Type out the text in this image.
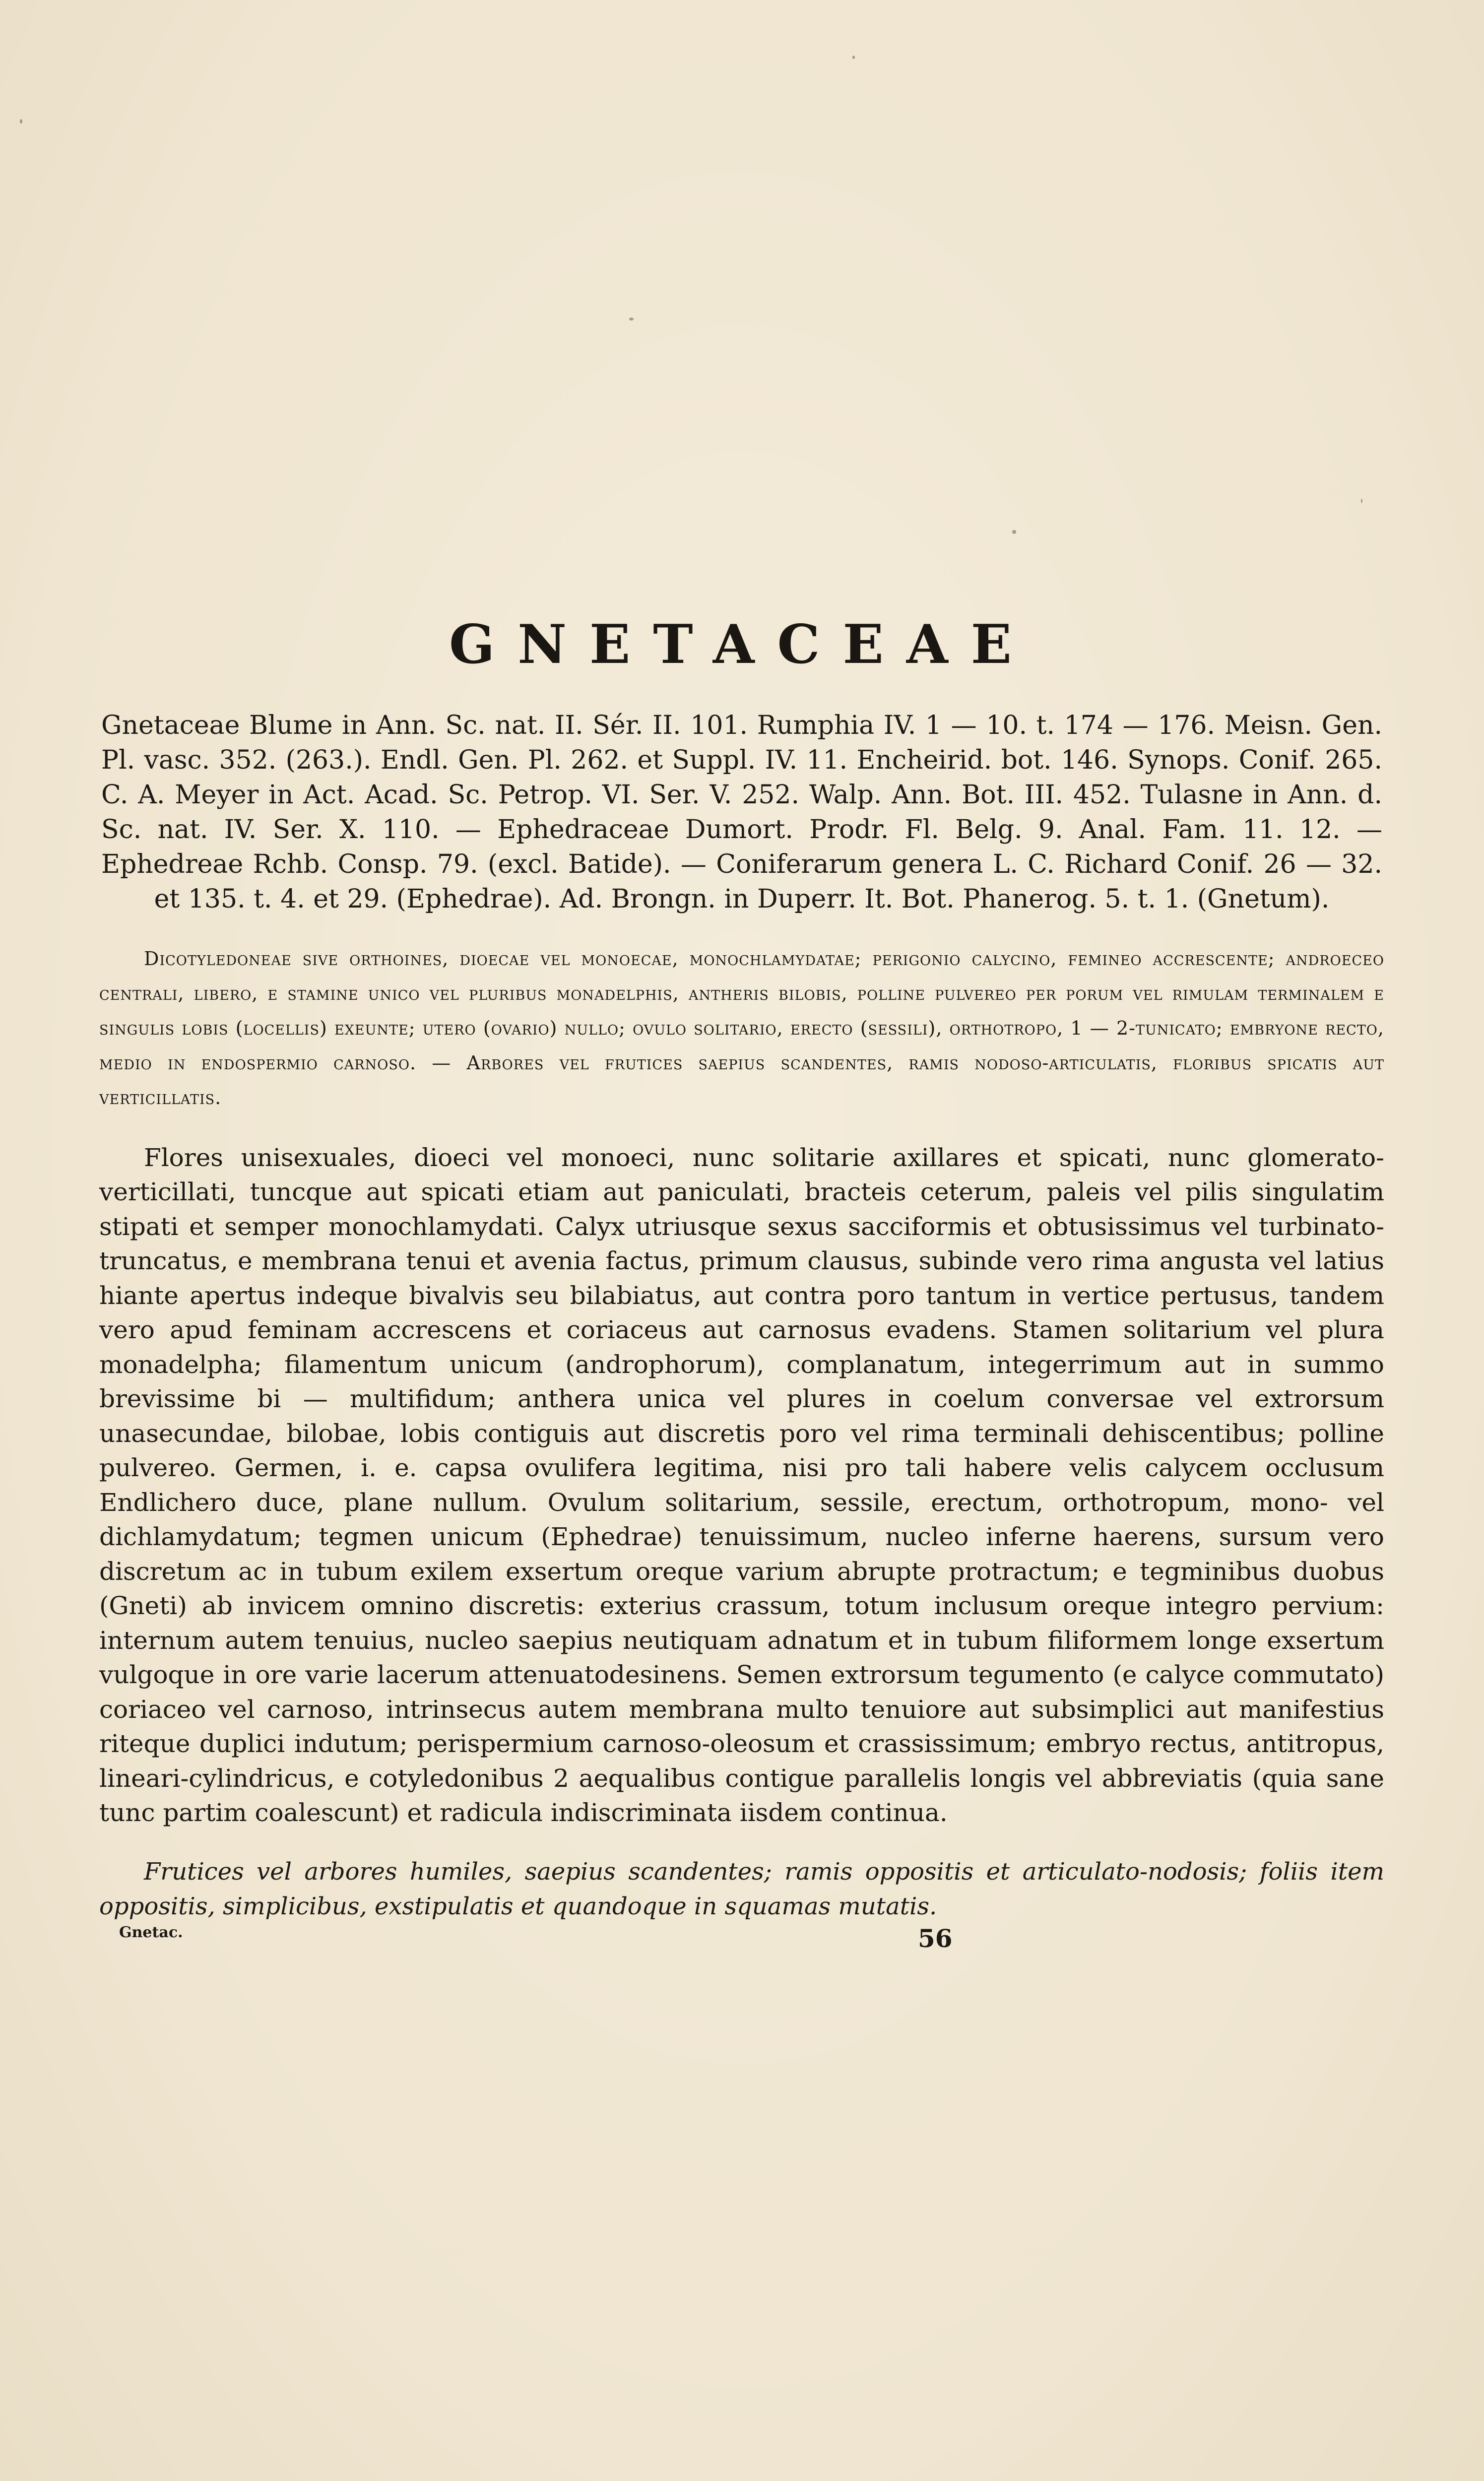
GNETACEAE

Gnetaceae Blume in Ann. Sc. nat. II. Sér. II. 101. Rumphia IV. 1 — 10. t. 174 — 176. Meisn. Gen. Pl. vasc. 352. (263.). Endl. Gen. Pl. 262. et Suppl. IV. 11. Encheirid. bot. 146. Synops. Conif. 265. C. A. Meyer in Act. Acad. Sc. Petrop. VI. Ser. V. 252. Walp. Ann. Bot. III. 452. Tulasne in Ann. d. Sc. nat. IV. Ser. X. 110. — Ephedraceae Dumort. Prodr. Fl. Belg. 9. Anal. Fam. 11. 12. — Ephedreae Rchb. Consp. 79. (excl. Batide). — Coniferarum genera L. C. Richard Conif. 26 — 32. et 135. t. 4. et 29. (Ephedrae). Ad. Brongn. in Duperr. It. Bot. Phanerog. 5. t. 1. (Gnetum).

Dicotyledoneae sive orthoines, dioecae vel monoecae, monochlamydatae; perigonio calycino, femineo accrescente; androeceo centrali, libero, e stamine unico vel pluribus monadelphis, antheris bilobis, polline pulvereo per porum vel rimulam terminalem e singulis lobis (locellis) exeunte; utero (ovario) nullo; ovulo solitario, erecto (sessili), orthotropo, 1 — 2-tunicato; embryone recto, medio in endospermio carnoso. — Arbores vel frutices saepius scandentes, ramis nodoso-articulatis, floribus spicatis aut verticillatis.

Flores unisexuales, dioeci vel monoeci, nunc solitarie axillares et spicati, nunc glomerato-verticillati, tuncque aut spicati etiam aut paniculati, bracteis ceterum, paleis vel pilis singulatim stipati et semper monochlamydati. Calyx utriusque sexus sacciformis et obtusissimus vel turbinato-truncatus, e membrana tenui et avenia factus, primum clausus, subinde vero rima angusta vel latius hiante apertus indeque bivalvis seu bilabiatus, aut contra poro tantum in vertice pertusus, tandem vero apud feminam accrescens et coriaceus aut carnosus evadens. Stamen solitarium vel plura monadelpha; filamentum unicum (androphorum), complanatum, integerrimum aut in summo brevissime bi — multifidum; anthera unica vel plures in coelum conversae vel extrorsum unasecundae, bilobae, lobis contiguis aut discretis poro vel rima terminali dehiscentibus; polline pulvereo. Germen, i. e. capsa ovulifera legitima, nisi pro tali habere velis calycem occlusum Endlichero duce, plane nullum. Ovulum solitarium, sessile, erectum, orthotropum, mono- vel dichlamydatum; tegmen unicum (Ephedrae) tenuissimum, nucleo inferne haerens, sursum vero discretum ac in tubum exilem exsertum oreque varium abrupte protractum; e tegminibus duobus (Gneti) ab invicem omnino discretis: exterius crassum, totum inclusum oreque integro pervium: internum autem tenuius, nucleo saepius neutiquam adnatum et in tubum filiformem longe exsertum vulgoque in ore varie lacerum attenuatodesinens. Semen extrorsum tegumento (e calyce commutato) coriaceo vel carnoso, intrinsecus autem membrana multo tenuiore aut subsimplici aut manifestius riteque duplici indutum; perispermium carnoso-oleosum et crassissimum; embryo rectus, antitropus, lineari-cylindricus, e cotyledonibus 2 aequalibus contigue parallelis longis vel abbreviatis (quia sane tunc partim coalescunt) et radicula indiscriminata iisdem continua.

Frutices vel arbores humiles, saepius scandentes; ramis oppositis et articulato-nodosis; foliis item oppositis, simplicibus, exstipulatis et quandoque in squamas mutatis.

Gnetac.	56
